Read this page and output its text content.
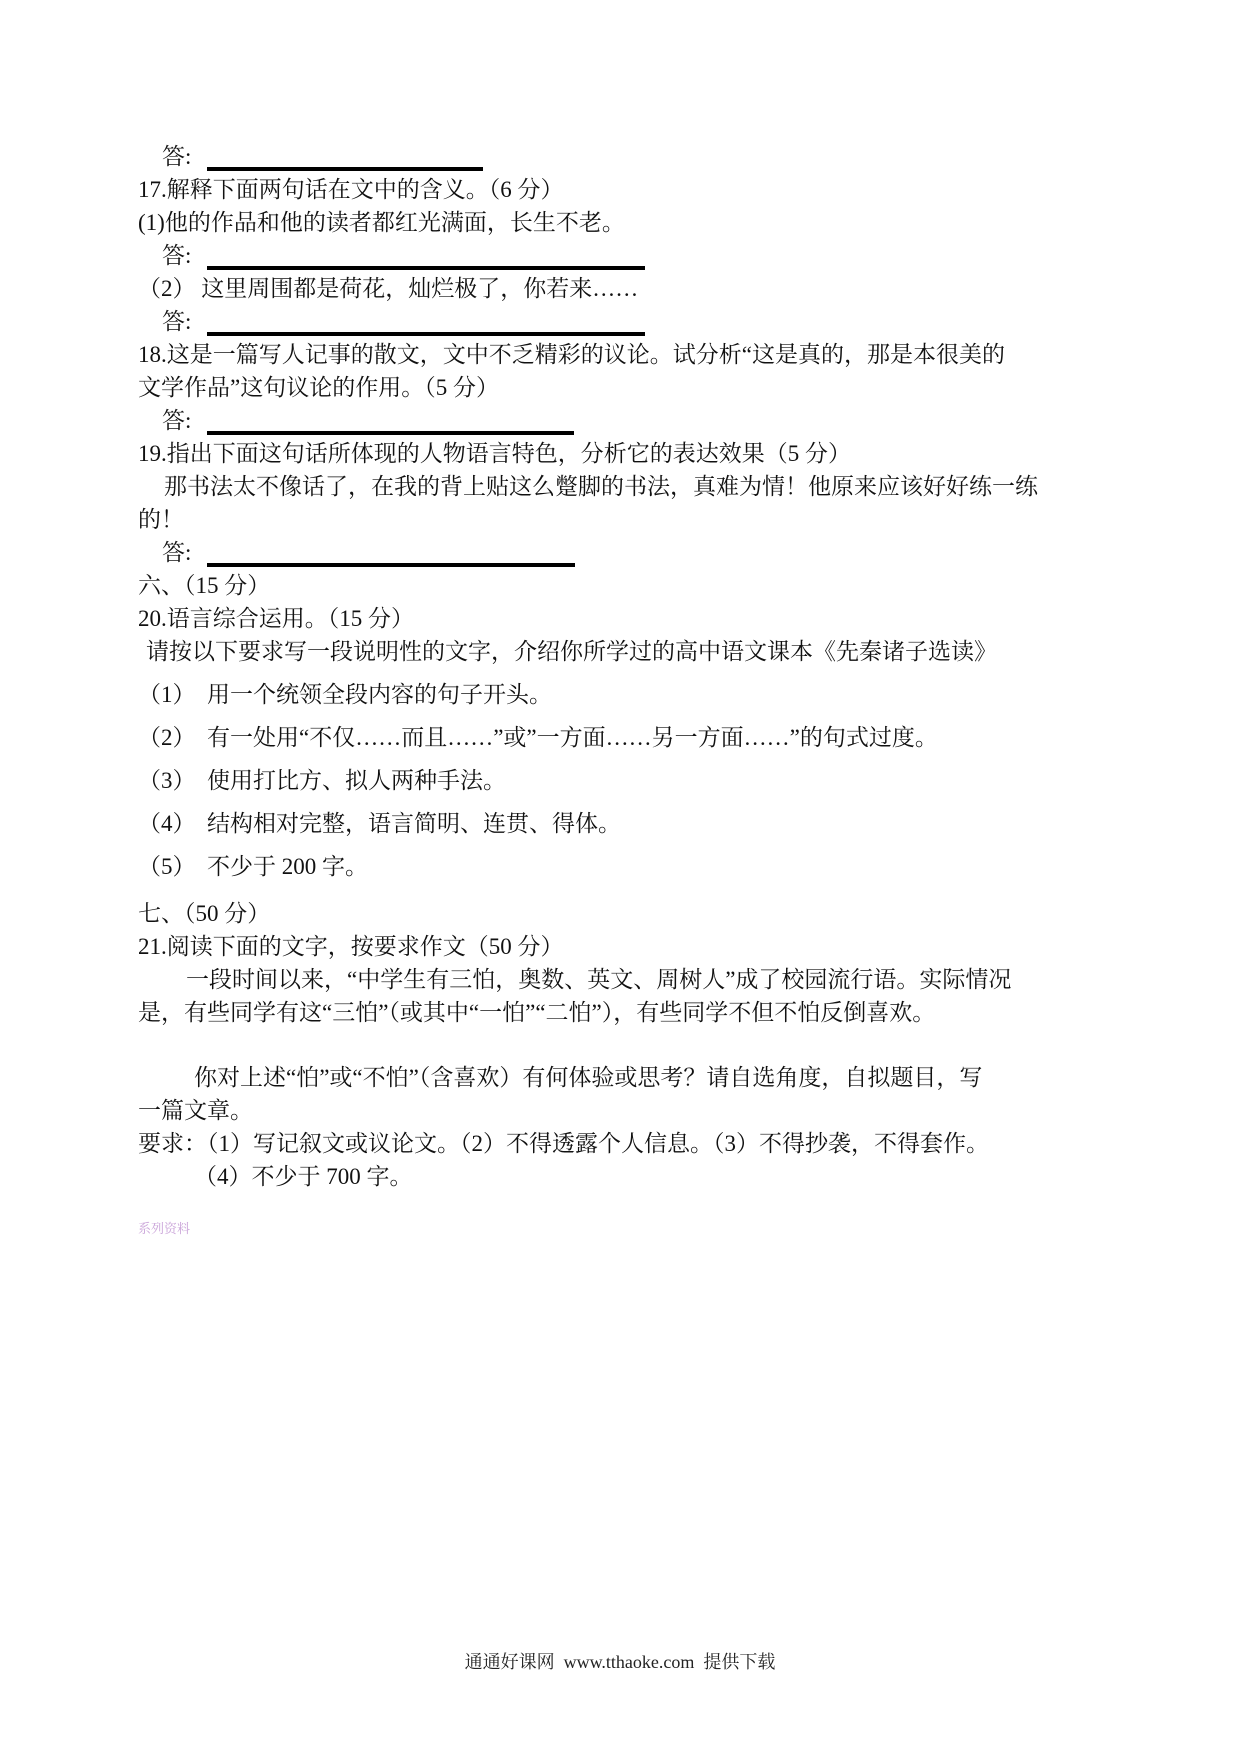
答:
17.解释下面两句话在文中的含义。（6 分）
(1)他的作品和他的读者都红光满面，长生不老。
答:
（2） 这里周围都是荷花，灿烂极了，你若来……
答:
18.这是一篇写人记事的散文，文中不乏精彩的议论。试分析“这是真的，那是本很美的
文学作品”这句议论的作用。（5 分）
答:
19.指出下面这句话所体现的人物语言特色，分析它的表达效果（5 分）
那书法太不像话了，在我的背上贴这么蹩脚的书法，真难为情！他原来应该好好练一练
的！
答:
六、（15 分）
20.语言综合运用。（15 分）
请按以下要求写一段说明性的文字，介绍你所学过的高中语文课本《先秦诸子选读》
（1）　用一个统领全段内容的句子开头。
（2）　有一处用“不仅……而且……”或”一方面……另一方面……”的句式过度。
（3）　使用打比方、拟人两种手法。
（4）　结构相对完整，语言简明、连贯、得体。
（5）　不少于 200 字。
七、（50 分）
21.阅读下面的文字，按要求作文（50 分）
一段时间以来，“中学生有三怕，奥数、英文、周树人”成了校园流行语。实际情况
是，有些同学有这“三怕”（或其中“一怕”“二怕”），有些同学不但不怕反倒喜欢。
你对上述“怕”或“不怕”（含喜欢）有何体验或思考？请自选角度，自拟题目，写
一篇文章。
要求：（1）写记叙文或议论文。（2）不得透露个人信息。（3）不得抄袭，不得套作。
（4）不少于 700 字。
系列资料
通通好课网  www.tthaoke.com  提供下载
